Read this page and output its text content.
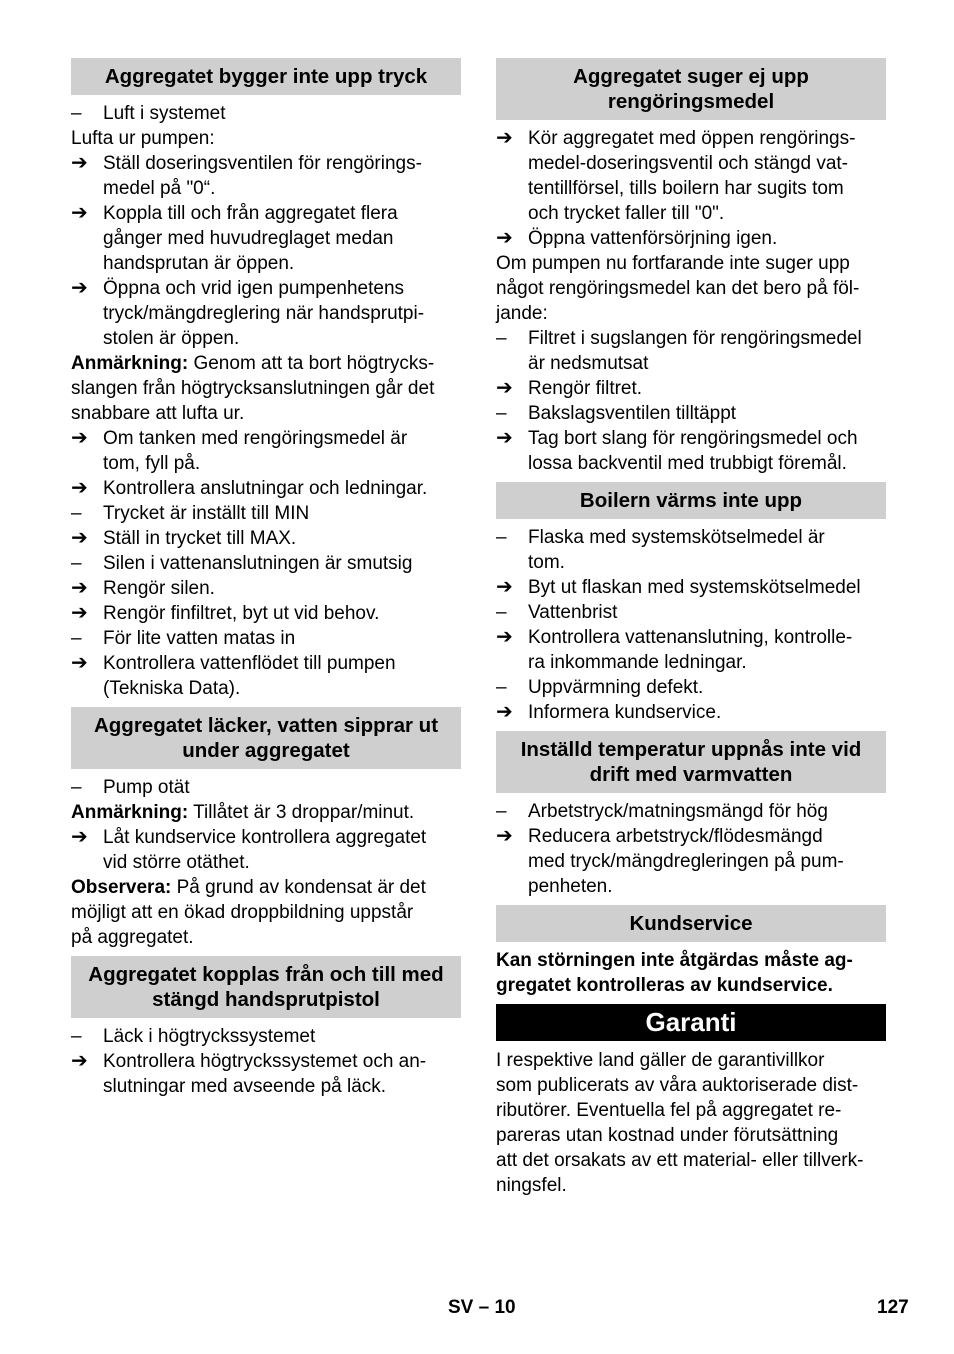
Aggregatet bygger inte upp tryck
–	Luft i systemet
Lufta ur pumpen:
➔ Ställ doseringsventilen för rengörings-
medel på "0“.
➔ Koppla till och från aggregatet flera
gånger med huvudreglaget medan
handsprutan är öppen.
➔ Öppna och vrid igen pumpenhetens
tryck/mängdreglering när handsprutpi-
stolen är öppen.
Anmärkning: Genom att ta bort högtrycks-
slangen från högtrycksanslutningen går det
snabbare att lufta ur.
➔ Om tanken med rengöringsmedel är
tom, fyll på.
➔ Kontrollera anslutningar och ledningar.
–	Trycket är inställt till MIN
➔ Ställ in trycket till MAX.
–	Silen i vattenanslutningen är smutsig
➔ Rengör silen.
➔ Rengör finfiltret, byt ut vid behov.
–	För lite vatten matas in
➔ Kontrollera vattenflödet till pumpen
(Tekniska Data).
Aggregatet läcker, vatten sipprar ut under aggregatet
–	Pump otät
Anmärkning: Tillåtet är 3 droppar/minut.
➔ Låt kundservice kontrollera aggregatet
vid större otäthet.
Observera: På grund av kondensat är det
möjligt att en ökad droppbildning uppstår
på aggregatet.
Aggregatet kopplas från och till med stängd handsprutpistol
–	Läck i högtryckssystemet
➔ Kontrollera högtryckssystemet och an-
slutningar med avseende på läck.
Aggregatet suger ej upp rengöringsmedel
➔ Kör aggregatet med öppen rengörings-
medel-doseringsventil och stängd vat-
tentillförsel, tills boilern har sugits tom
och trycket faller till "0".
➔ Öppna vattenförsörjning igen.
Om pumpen nu fortfarande inte suger upp
något rengöringsmedel kan det bero på föl-
jande:
–	Filtret i sugslangen för rengöringsmedel
är nedsmutsat
➔ Rengör filtret.
–	Bakslagsventilen tilltäppt
➔ Tag bort slang för rengöringsmedel och
lossa backventil med trubbigt föremål.
Boilern värms inte upp
–	Flaska med systemskötselmedel är
tom.
➔ Byt ut flaskan med systemskötselmedel
–	Vattenbrist
➔ Kontrollera vattenanslutning, kontrolle-
ra inkommande ledningar.
–	Uppvärmning defekt.
➔ Informera kundservice.
Inställd temperatur uppnås inte vid drift med varmvatten
–	Arbetstryck/matningsmängd för hög
➔ Reducera arbetstryck/flödesmängd
med tryck/mängdregleringen på pum-
penheten.
Kundservice
Kan störningen inte åtgärdas måste ag-
gregatet kontrolleras av kundservice.
Garanti
I respektive land gäller de garantivillkor
som publicerats av våra auktoriserade dist-
ributörer. Eventuella fel på aggregatet re-
pareras utan kostnad under förutsättning
att det orsakats av ett material- eller tillverk-
ningsfel.
SV – 10	127
